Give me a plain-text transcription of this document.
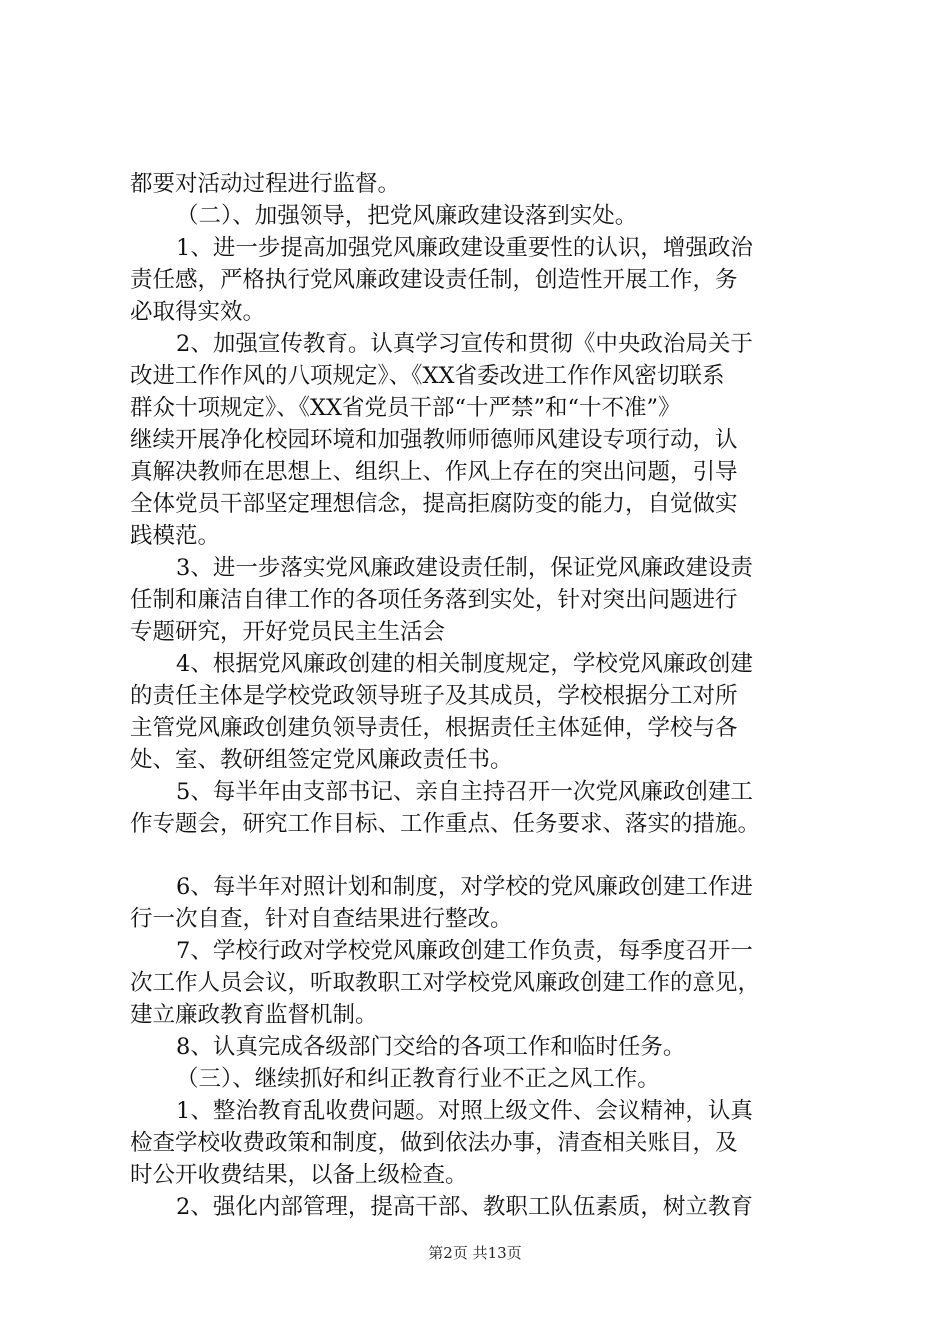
都要对活动过程进行监督。
（二）、加强领导，把党风廉政建设落到实处。
1、进一步提高加强党风廉政建设重要性的认识，增强政治
责任感，严格执行党风廉政建设责任制，创造性开展工作，务
必取得实效。
2、加强宣传教育。认真学习宣传和贯彻《中央政治局关于
改进工作作风的八项规定》、《XX省委改进工作作风密切联系
群众十项规定》、《XX省党员干部“十严禁”和“十不准”》
继续开展净化校园环境和加强教师师德师风建设专项行动，认
真解决教师在思想上、组织上、作风上存在的突出问题，引导
全体党员干部坚定理想信念，提高拒腐防变的能力，自觉做实
践模范。
3、进一步落实党风廉政建设责任制，保证党风廉政建设责
任制和廉洁自律工作的各项任务落到实处，针对突出问题进行
专题研究，开好党员民主生活会
4、根据党风廉政创建的相关制度规定，学校党风廉政创建
的责任主体是学校党政领导班子及其成员，学校根据分工对所
主管党风廉政创建负领导责任，根据责任主体延伸，学校与各
处、室、教研组签定党风廉政责任书。
5、每半年由支部书记、亲自主持召开一次党风廉政创建工
作专题会，研究工作目标、工作重点、任务要求、落实的措施。
6、每半年对照计划和制度，对学校的党风廉政创建工作进
行一次自查，针对自查结果进行整改。
7、学校行政对学校党风廉政创建工作负责，每季度召开一
次工作人员会议，听取教职工对学校党风廉政创建工作的意见，
建立廉政教育监督机制。
8、认真完成各级部门交给的各项工作和临时任务。
（三）、继续抓好和纠正教育行业不正之风工作。
1、整治教育乱收费问题。对照上级文件、会议精神，认真
检查学校收费政策和制度，做到依法办事，清查相关账目，及
时公开收费结果，以备上级检查。
2、强化内部管理，提高干部、教职工队伍素质，树立教育
第2页 共13页
